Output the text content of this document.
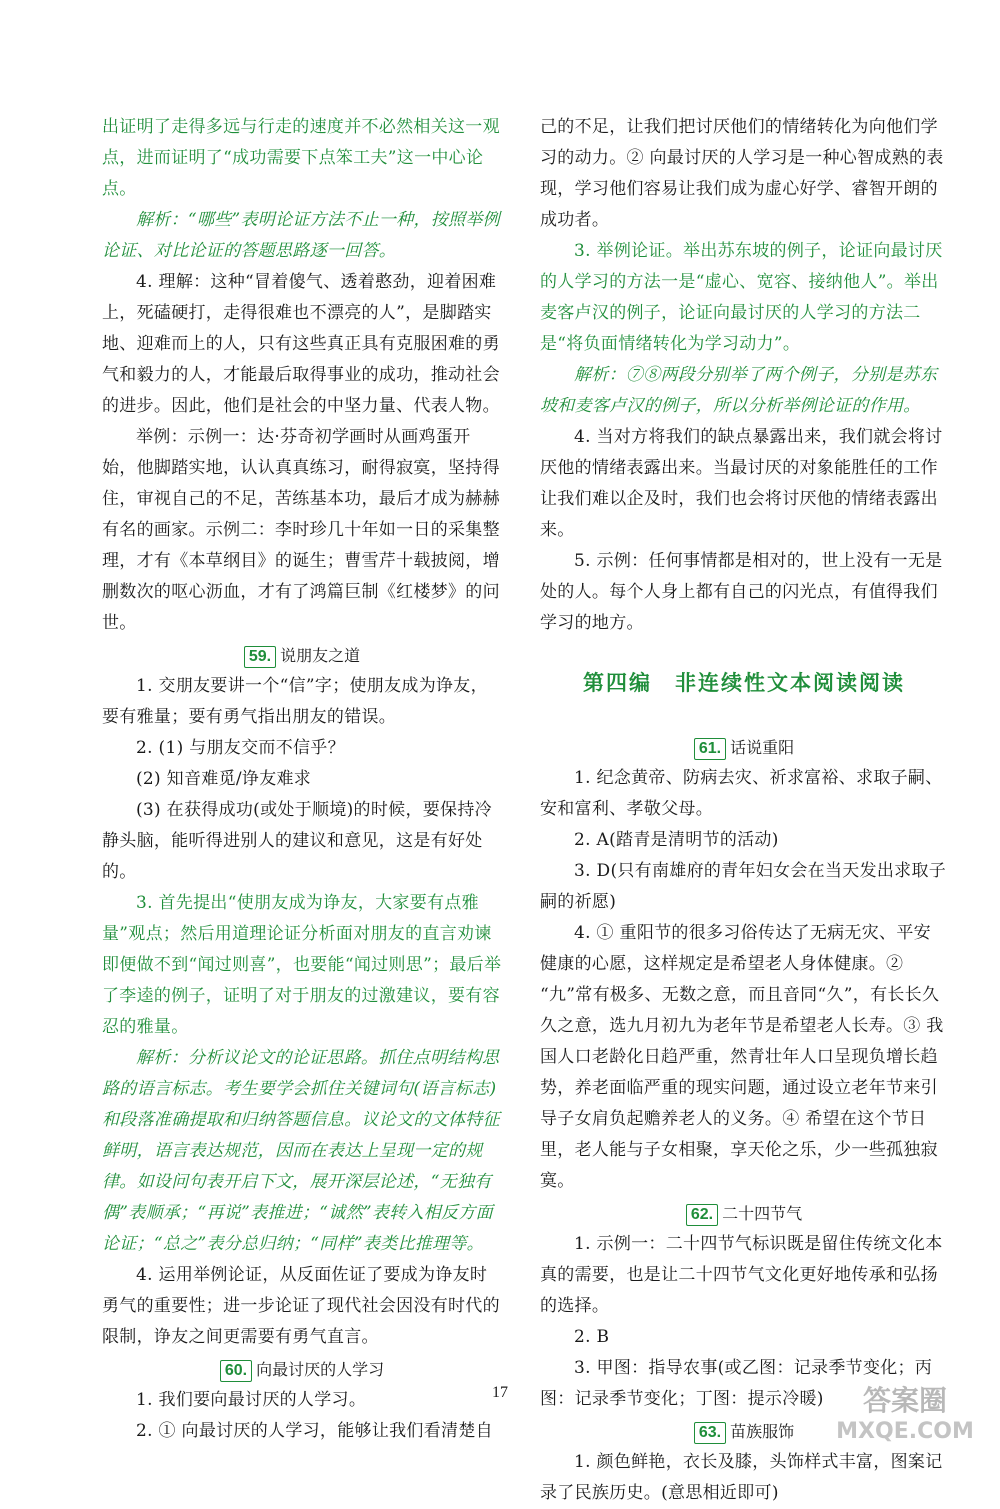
出证明了走得多远与行走的速度并不必然相关这一观点，进而证明了“成功需要下点笨工夫”这一中心论点。

解析：“哪些”表明论证方法不止一种，按照举例论证、对比论证的答题思路逐一回答。

4. 理解：这种“冒着傻气、透着憨劲，迎着困难上，死磕硬打，走得很难也不漂亮的人”，是脚踏实地、迎难而上的人，只有这些真正具有克服困难的勇气和毅力的人，才能最后取得事业的成功，推动社会的进步。因此，他们是社会的中坚力量、代表人物。

举例：示例一：达·芬奇初学画时从画鸡蛋开始，他脚踏实地，认认真真练习，耐得寂寞，坚持得住，审视自己的不足，苦练基本功，最后才成为赫赫有名的画家。示例二：李时珍几十年如一日的采集整理，才有《本草纲目》的诞生；曹雪芹十载披阅，增删数次的呕心沥血，才有了鸿篇巨制《红楼梦》的问世。

59. 说朋友之道

1. 交朋友要讲一个“信”字；使朋友成为诤友，要有雅量；要有勇气指出朋友的错误。

2. (1) 与朋友交而不信乎？

(2) 知音难觅/诤友难求

(3) 在获得成功(或处于顺境)的时候，要保持冷静头脑，能听得进别人的建议和意见，这是有好处的。

3. 首先提出“使朋友成为诤友，大家要有点雅量”观点；然后用道理论证分析面对朋友的直言劝谏即便做不到“闻过则喜”，也要能“闻过则思”；最后举了李逵的例子，证明了对于朋友的过激建议，要有容忍的雅量。

解析：分析议论文的论证思路。抓住点明结构思路的语言标志。考生要学会抓住关键词句(语言标志)和段落准确提取和归纳答题信息。议论文的文体特征鲜明，语言表达规范，因而在表达上呈现一定的规律。如设问句表开启下文，展开深层论述，“无独有偶”表顺承；“再说”表推进；“诚然”表转入相反方面论证；“总之”表分总归纳；“同样”表类比推理等。

4. 运用举例论证，从反面佐证了要成为诤友时勇气的重要性；进一步论证了现代社会因没有时代的限制，诤友之间更需要有勇气直言。

60. 向最讨厌的人学习

1. 我们要向最讨厌的人学习。

2. ① 向最讨厌的人学习，能够让我们看清楚自

己的不足，让我们把讨厌他们的情绪转化为向他们学习的动力。② 向最讨厌的人学习是一种心智成熟的表现，学习他们容易让我们成为虚心好学、睿智开朗的成功者。

3. 举例论证。举出苏东坡的例子，论证向最讨厌的人学习的方法一是“虚心、宽容、接纳他人”。举出麦客卢汉的例子，论证向最讨厌的人学习的方法二是“将负面情绪转化为学习动力”。

解析：⑦⑧两段分别举了两个例子，分别是苏东坡和麦客卢汉的例子，所以分析举例论证的作用。

4. 当对方将我们的缺点暴露出来，我们就会将讨厌他的情绪表露出来。当最讨厌的对象能胜任的工作让我们难以企及时，我们也会将讨厌他的情绪表露出来。

5. 示例：任何事情都是相对的，世上没有一无是处的人。每个人身上都有自己的闪光点，有值得我们学习的地方。

第四编　非连续性文本阅读阅读
61. 话说重阳

1. 纪念黄帝、防病去灾、祈求富裕、求取子嗣、安和富利、孝敬父母。

2. A(踏青是清明节的活动)

3. D(只有南雄府的青年妇女会在当天发出求取子嗣的祈愿)

4. ① 重阳节的很多习俗传达了无病无灾、平安健康的心愿，这样规定是希望老人身体健康。② “九”常有极多、无数之意，而且音同“久”，有长长久久之意，选九月初九为老年节是希望老人长寿。③ 我国人口老龄化日趋严重，然青壮年人口呈现负增长趋势，养老面临严重的现实问题，通过设立老年节来引导子女肩负起赡养老人的义务。④ 希望在这个节日里，老人能与子女相聚，享天伦之乐，少一些孤独寂寞。

62. 二十四节气

1. 示例一：二十四节气标识既是留住传统文化本真的需要，也是让二十四节气文化更好地传承和弘扬的选择。

2. B

3. 甲图：指导农事(或乙图：记录季节变化；丙图：记录季节变化；丁图：提示冷暖)

63. 苗族服饰

1. 颜色鲜艳，衣长及膝，头饰样式丰富，图案记录了民族历史。(意思相近即可)

17	答案圈
MXQE.COM
